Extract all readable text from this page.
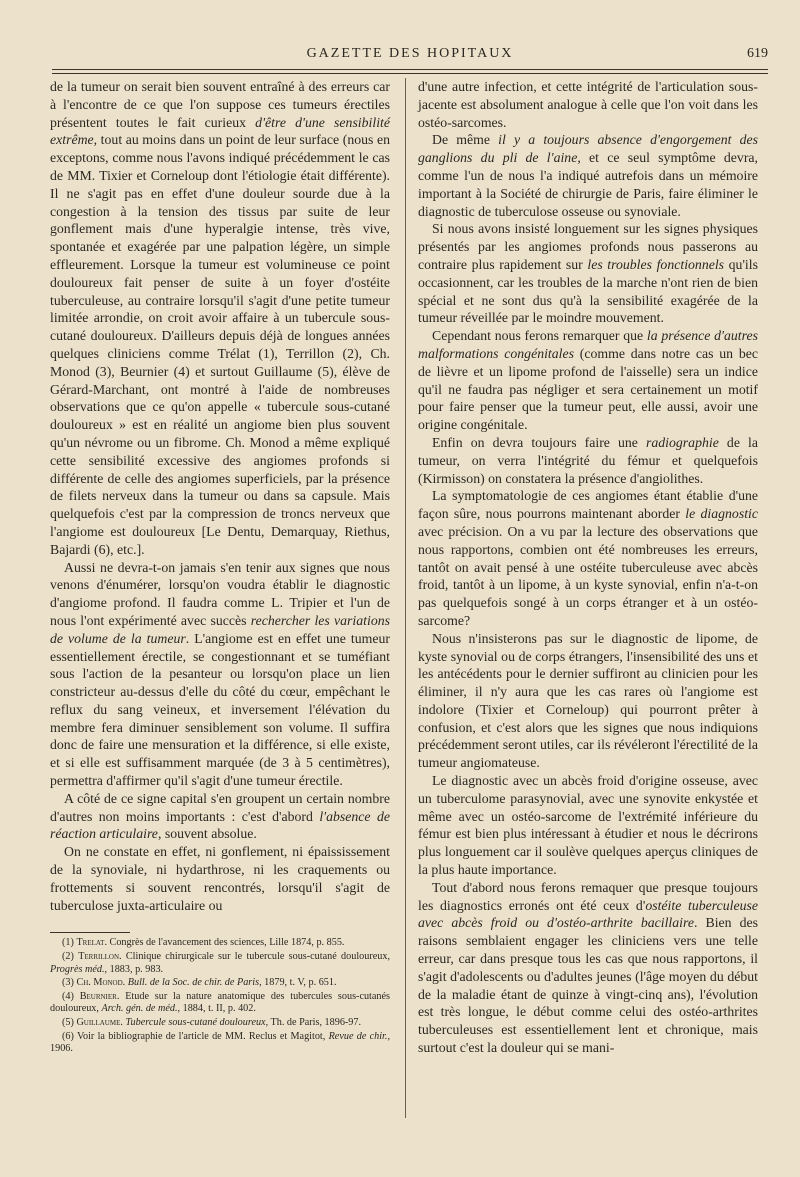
GAZETTE DES HOPITAUX	619

de la tumeur on serait bien souvent entraîné à des erreurs car à l'encontre de ce que l'on suppose ces tumeurs érectiles présentent toutes le fait curieux d'être d'une sensibilité extrême, tout au moins dans un point de leur surface (nous en exceptons, comme nous l'avons indiqué précédemment le cas de MM. Tixier et Corneloup dont l'étiologie était différente). Il ne s'agit pas en effet d'une douleur sourde due à la congestion à la tension des tissus par suite de leur gonflement mais d'une hyperalgie intense, très vive, spontanée et exagérée par une palpation légère, un simple effleurement. Lorsque la tumeur est volumineuse ce point douloureux fait penser de suite à un foyer d'ostéite tuberculeuse, au contraire lorsqu'il s'agit d'une petite tumeur limitée arrondie, on croit avoir affaire à un tubercule sous-cutané douloureux. D'ailleurs depuis déjà de longues années quelques cliniciens comme Trélat (1), Terrillon (2), Ch. Monod (3), Beurnier (4) et surtout Guillaume (5), élève de Gérard-Marchant, ont montré à l'aide de nombreuses observations que ce qu'on appelle « tubercule sous-cutané douloureux » est en réalité un angiome bien plus souvent qu'un névrome ou un fibrome. Ch. Monod a même expliqué cette sensibilité excessive des angiomes profonds si différente de celle des angiomes superficiels, par la présence de filets nerveux dans la tumeur ou dans sa capsule. Mais quelquefois c'est par la compression de troncs nerveux que l'angiome est douloureux [Le Dentu, Demarquay, Riethus, Bajardi (6), etc.].

Aussi ne devra-t-on jamais s'en tenir aux signes que nous venons d'énumérer, lorsqu'on voudra établir le diagnostic d'angiome profond. Il faudra comme L. Tripier et l'un de nous l'ont expérimenté avec succès rechercher les variations de volume de la tumeur. L'angiome est en effet une tumeur essentiellement érectile, se congestionnant et se tuméfiant sous l'action de la pesanteur ou lorsqu'on place un lien constricteur au-dessus d'elle du côté du cœur, empêchant le reflux du sang veineux, et inversement l'élévation du membre fera diminuer sensiblement son volume. Il suffira donc de faire une mensuration et la différence, si elle existe, et si elle est suffisamment marquée (de 3 à 5 centimètres), permettra d'affirmer qu'il s'agit d'une tumeur érectile.

A côté de ce signe capital s'en groupent un certain nombre d'autres non moins importants : c'est d'abord l'absence de réaction articulaire, souvent absolue.

On ne constate en effet, ni gonflement, ni épaississement de la synoviale, ni hydarthrose, ni les craquements ou frottements si souvent rencontrés, lorsqu'il s'agit de tuberculose juxta-articulaire ou

(1) Trelat. Congrès de l'avancement des sciences, Lille 1874, p. 855.

(2) Terrillon. Clinique chirurgicale sur le tubercule sous-cutané douloureux, Progrès méd., 1883, p. 983.

(3) Ch. Monod. Bull. de la Soc. de chir. de Paris, 1879, t. V, p. 651.

(4) Beurnier. Etude sur la nature anatomique des tubercules sous-cutanés douloureux, Arch. gén. de méd., 1884, t. II, p. 402.

(5) Guillaume. Tubercule sous-cutané douloureux, Th. de Paris, 1896-97.

(6) Voir la bibliographie de l'article de MM. Reclus et Magitot, Revue de chir., 1906.

d'une autre infection, et cette intégrité de l'articulation sous-jacente est absolument analogue à celle que l'on voit dans les ostéo-sarcomes.

De même il y a toujours absence d'engorgement des ganglions du pli de l'aine, et ce seul symptôme devra, comme l'un de nous l'a indiqué autrefois dans un mémoire important à la Société de chirurgie de Paris, faire éliminer le diagnostic de tuberculose osseuse ou synoviale.

Si nous avons insisté longuement sur les signes physiques présentés par les angiomes profonds nous passerons au contraire plus rapidement sur les troubles fonctionnels qu'ils occasionnent, car les troubles de la marche n'ont rien de bien spécial et ne sont dus qu'à la sensibilité exagérée de la tumeur réveillée par le moindre mouvement.

Cependant nous ferons remarquer que la présence d'autres malformations congénitales (comme dans notre cas un bec de lièvre et un lipome profond de l'aisselle) sera un indice qu'il ne faudra pas négliger et sera certainement un motif pour faire penser que la tumeur peut, elle aussi, avoir une origine congénitale.

Enfin on devra toujours faire une radiographie de la tumeur, on verra l'intégrité du fémur et quelquefois (Kirmisson) on constatera la présence d'angiolithes.

La symptomatologie de ces angiomes étant établie d'une façon sûre, nous pourrons maintenant aborder le diagnostic avec précision. On a vu par la lecture des observations que nous rapportons, combien ont été nombreuses les erreurs, tantôt on avait pensé à une ostéite tuberculeuse avec abcès froid, tantôt à un lipome, à un kyste synovial, enfin n'a-t-on pas quelquefois songé à un corps étranger et à un ostéo-sarcome?

Nous n'insisterons pas sur le diagnostic de lipome, de kyste synovial ou de corps étrangers, l'insensibilité des uns et les antécédents pour le dernier suffiront au clinicien pour les éliminer, il n'y aura que les cas rares où l'angiome est indolore (Tixier et Corneloup) qui pourront prêter à confusion, et c'est alors que les signes que nous indiquions précédemment seront utiles, car ils révéleront l'érectilité de la tumeur angiomateuse.

Le diagnostic avec un abcès froid d'origine osseuse, avec un tuberculome parasynovial, avec une synovite enkystée et même avec un ostéo-sarcome de l'extrémité inférieure du fémur est bien plus intéressant à étudier et nous le décrirons plus longuement car il soulève quelques aperçus cliniques de la plus haute importance.

Tout d'abord nous ferons remaquer que presque toujours les diagnostics erronés ont été ceux d'ostéite tuberculeuse avec abcès froid ou d'ostéo-arthrite bacillaire. Bien des raisons semblaient engager les cliniciens vers une telle erreur, car dans presque tous les cas que nous rapportons, il s'agit d'adolescents ou d'adultes jeunes (l'âge moyen du début de la maladie étant de quinze à vingt-cinq ans), l'évolution est très longue, le début comme celui des ostéo-arthrites tuberculeuses est essentiellement lent et chronique, mais surtout c'est la douleur qui se mani-
